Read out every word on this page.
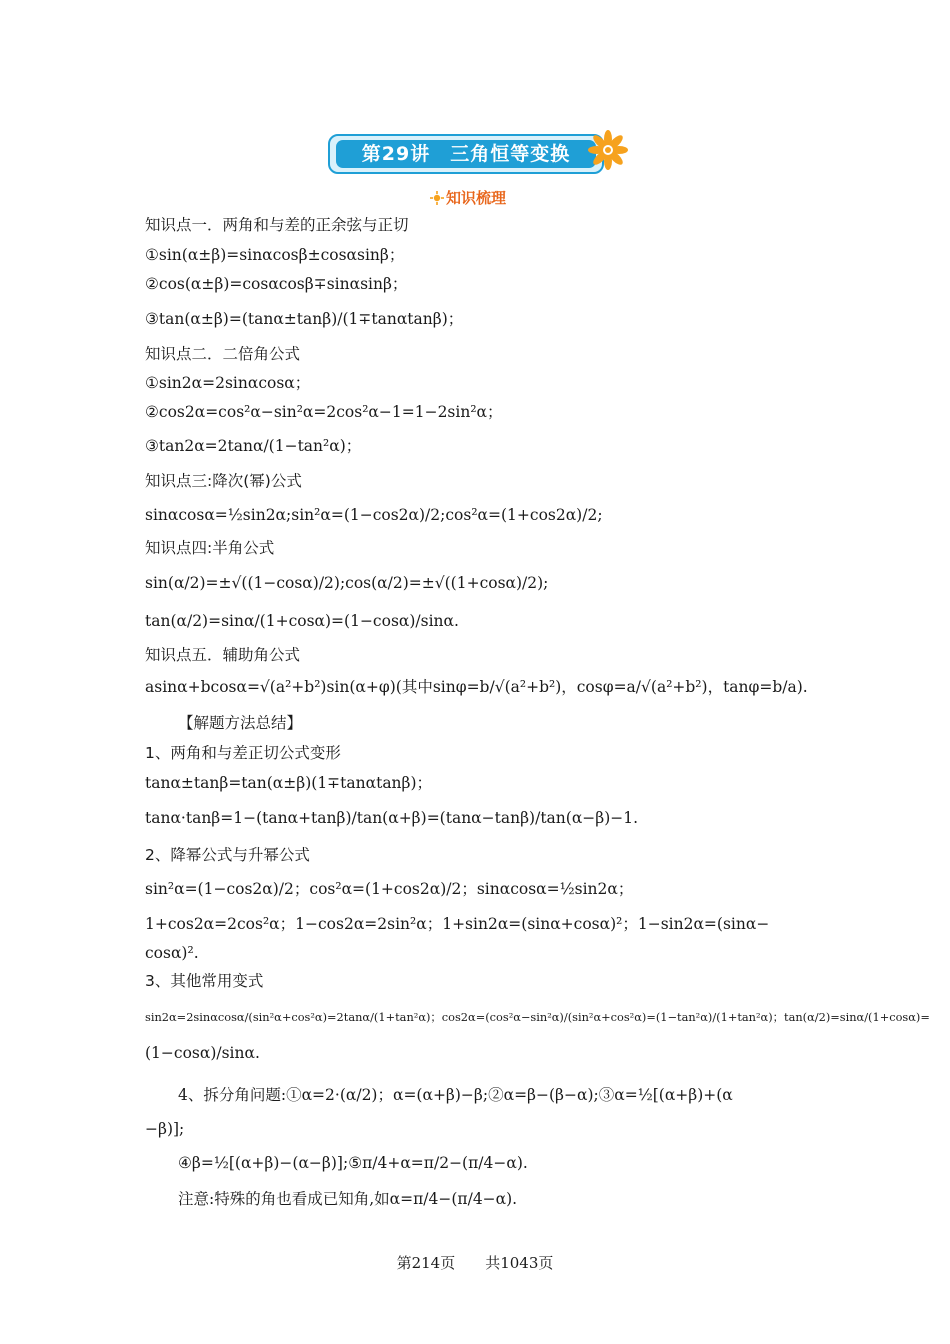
第29讲　三角恒等变换
知识梳理
知识点一．两角和与差的正余弦与正切
①sin(α±β)=sinαcosβ±cosαsinβ；
②cos(α±β)=cosαcosβ∓sinαsinβ；
③tan(α±β)=(tanα±tanβ)/(1∓tanαtanβ)；
知识点二．二倍角公式
①sin2α=2sinαcosα；
②cos2α=cos²α−sin²α=2cos²α−1=1−2sin²α；
③tan2α=2tanα/(1−tan²α)；
知识点三:降次(幂)公式
sinαcosα=½sin2α;sin²α=(1−cos2α)/2;cos²α=(1+cos2α)/2;
知识点四:半角公式
sin(α/2)=±√((1−cosα)/2);cos(α/2)=±√((1+cosα)/2);
tan(α/2)=sinα/(1+cosα)=(1−cosα)/sinα.
知识点五．辅助角公式
asinα+bcosα=√(a²+b²)sin(α+φ)(其中sinφ=b/√(a²+b²)，cosφ=a/√(a²+b²)，tanφ=b/a).
【解题方法总结】
1、两角和与差正切公式变形
tanα±tanβ=tan(α±β)(1∓tanαtanβ)；
tanα·tanβ=1−(tanα+tanβ)/tan(α+β)=(tanα−tanβ)/tan(α−β)−1.
2、降幂公式与升幂公式
sin²α=(1−cos2α)/2；cos²α=(1+cos2α)/2；sinαcosα=½sin2α；
1+cos2α=2cos²α；1−cos2α=2sin²α；1+sin2α=(sinα+cosα)²；1−sin2α=(sinα−
cosα)².
3、其他常用变式
sin2α=2sinαcosα/(sin²α+cos²α)=2tanα/(1+tan²α)；cos2α=(cos²α−sin²α)/(sin²α+cos²α)=(1−tan²α)/(1+tan²α)；tan(α/2)=sinα/(1+cosα)=
(1−cosα)/sinα.
4、拆分角问题:①α=2·(α/2)；α=(α+β)−β;②α=β−(β−α);③α=½[(α+β)+(α
−β)];
④β=½[(α+β)−(α−β)];⑤π/4+α=π/2−(π/4−α).
注意:特殊的角也看成已知角,如α=π/4−(π/4−α).
第214页　　共1043页
